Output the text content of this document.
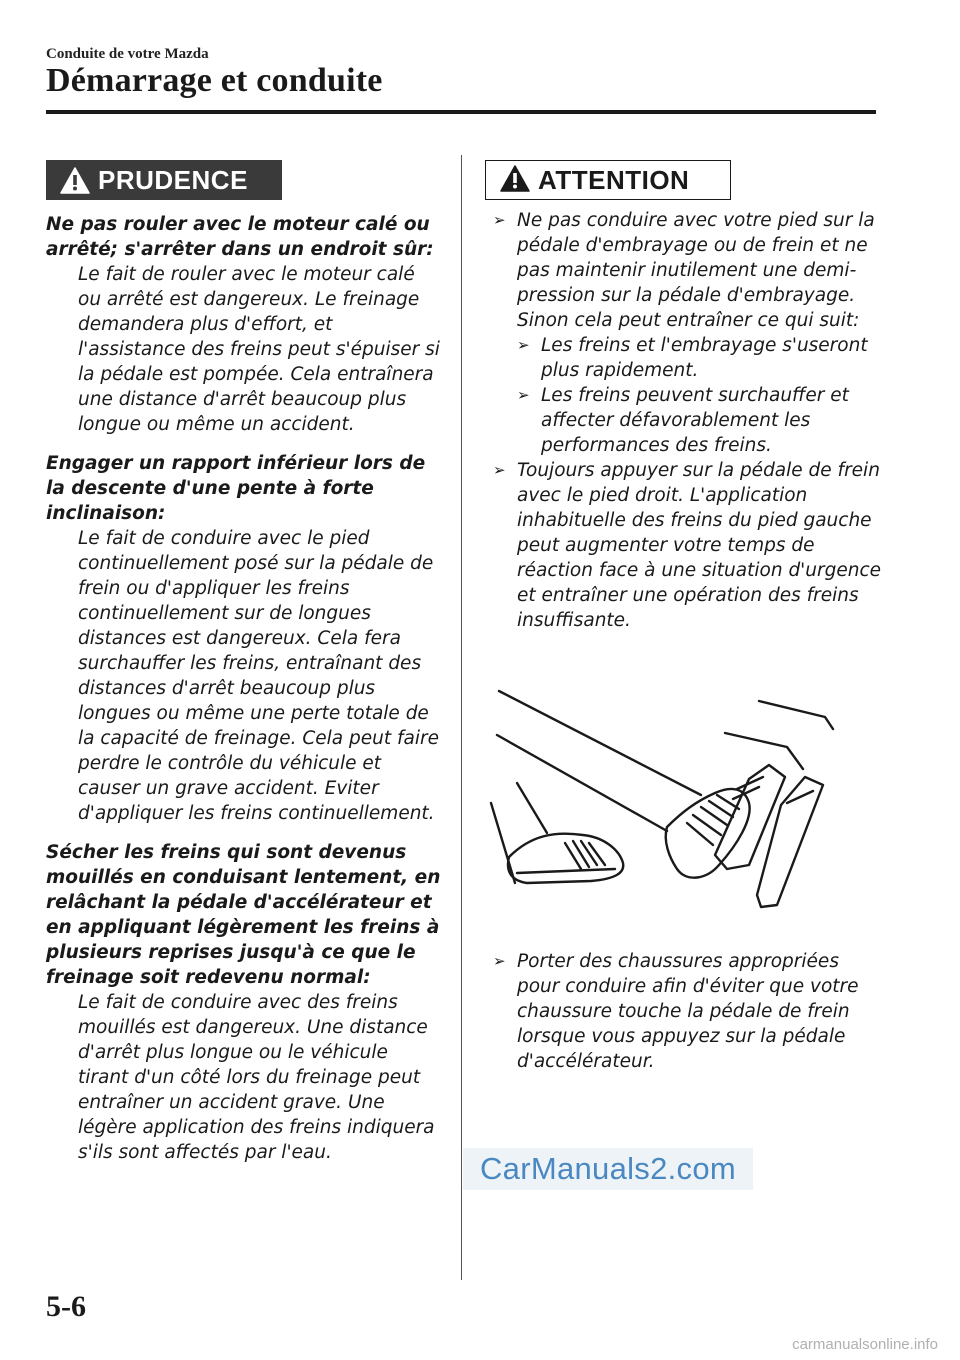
Conduite de votre Mazda
Démarrage et conduite
PRUDENCE

Ne pas rouler avec le moteur calé ou arrêté; s'arrêter dans un endroit sûr:

Le fait de rouler avec le moteur calé ou arrêté est dangereux. Le freinage demandera plus d'effort, et l'assistance des freins peut s'épuiser si la pédale est pompée. Cela entraînera une distance d'arrêt beaucoup plus longue ou même un accident.

Engager un rapport inférieur lors de la descente d'une pente à forte inclinaison:

Le fait de conduire avec le pied continuellement posé sur la pédale de frein ou d'appliquer les freins continuellement sur de longues distances est dangereux. Cela fera surchauffer les freins, entraînant des distances d'arrêt beaucoup plus longues ou même une perte totale de la capacité de freinage. Cela peut faire perdre le contrôle du véhicule et causer un grave accident. Eviter d'appliquer les freins continuellement.

Sécher les freins qui sont devenus mouillés en conduisant lentement, en relâchant la pédale d'accélérateur et en appliquant légèrement les freins à plusieurs reprises jusqu'à ce que le freinage soit redevenu normal:

Le fait de conduire avec des freins mouillés est dangereux. Une distance d'arrêt plus longue ou le véhicule tirant d'un côté lors du freinage peut entraîner un accident grave. Une légère application des freins indiquera s'ils sont affectés par l'eau.

ATTENTION
➢ Ne pas conduire avec votre pied sur la pédale d'embrayage ou de frein et ne pas maintenir inutilement une demi-pression sur la pédale d'embrayage. Sinon cela peut entraîner ce qui suit:
➢ Les freins et l'embrayage s'useront plus rapidement.
➢ Les freins peuvent surchauffer et affecter défavorablement les performances des freins.
➢ Toujours appuyer sur la pédale de frein avec le pied droit. L'application inhabituelle des freins du pied gauche peut augmenter votre temps de réaction face à une situation d'urgence et entraîner une opération des freins insuffisante.
➢ Porter des chaussures appropriées pour conduire afin d'éviter que votre chaussure touche la pédale de frein lorsque vous appuyez sur la pédale d'accélérateur.
CarManuals2.com
5-6
carmanualsonline.info
